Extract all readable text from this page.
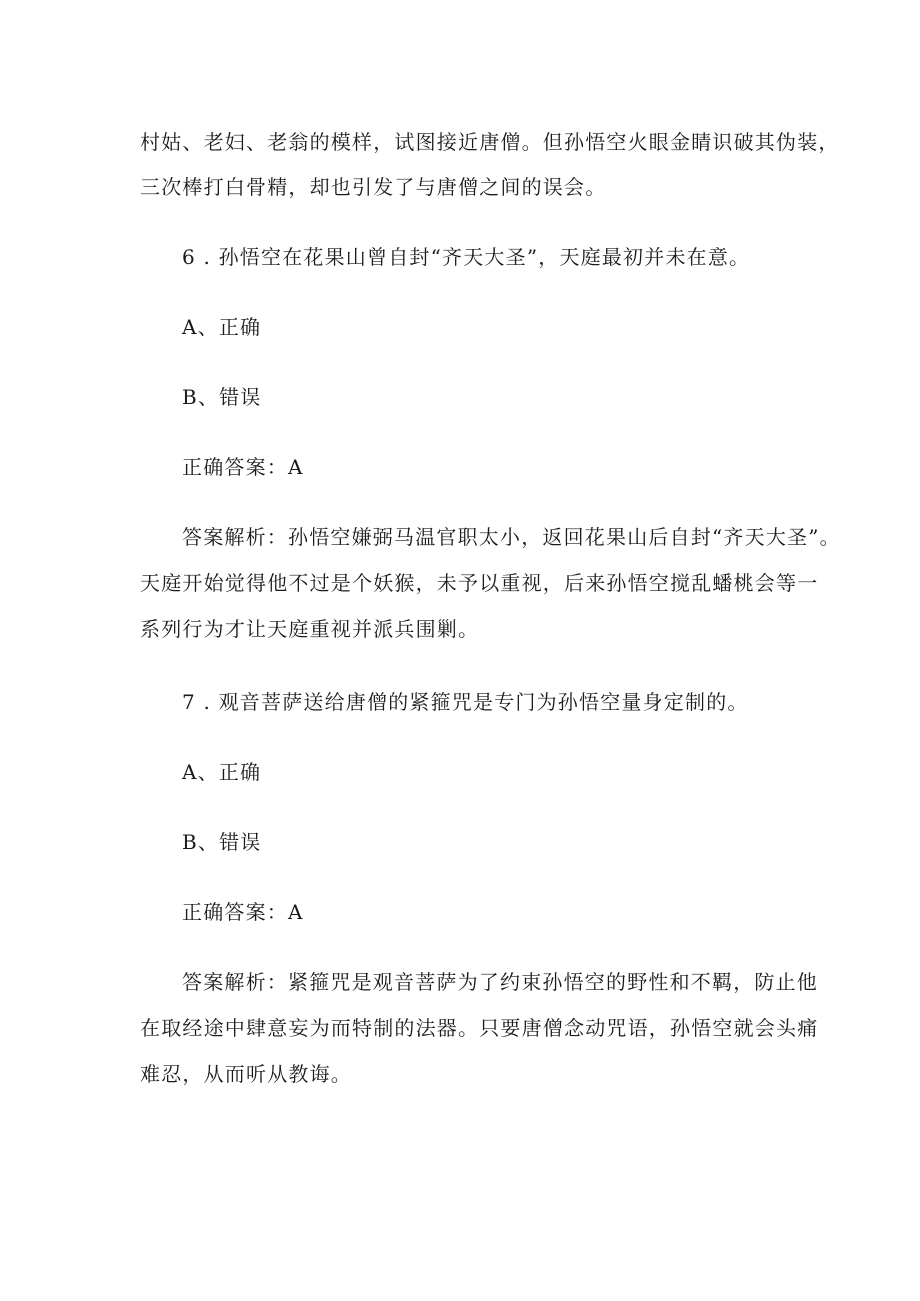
村姑、老妇、老翁的模样，试图接近唐僧。但孙悟空火眼金睛识破其伪装，
三次棒打白骨精，却也引发了与唐僧之间的误会。
6 . 孙悟空在花果山曾自封“齐天大圣”，天庭最初并未在意。
A、正确
B、错误
正确答案：A
答案解析：孙悟空嫌弼马温官职太小，返回花果山后自封“齐天大圣”。
天庭开始觉得他不过是个妖猴，未予以重视，后来孙悟空搅乱蟠桃会等一
系列行为才让天庭重视并派兵围剿。
7 . 观音菩萨送给唐僧的紧箍咒是专门为孙悟空量身定制的。
A、正确
B、错误
正确答案：A
答案解析：紧箍咒是观音菩萨为了约束孙悟空的野性和不羁，防止他
在取经途中肆意妄为而特制的法器。只要唐僧念动咒语，孙悟空就会头痛
难忍，从而听从教诲。
